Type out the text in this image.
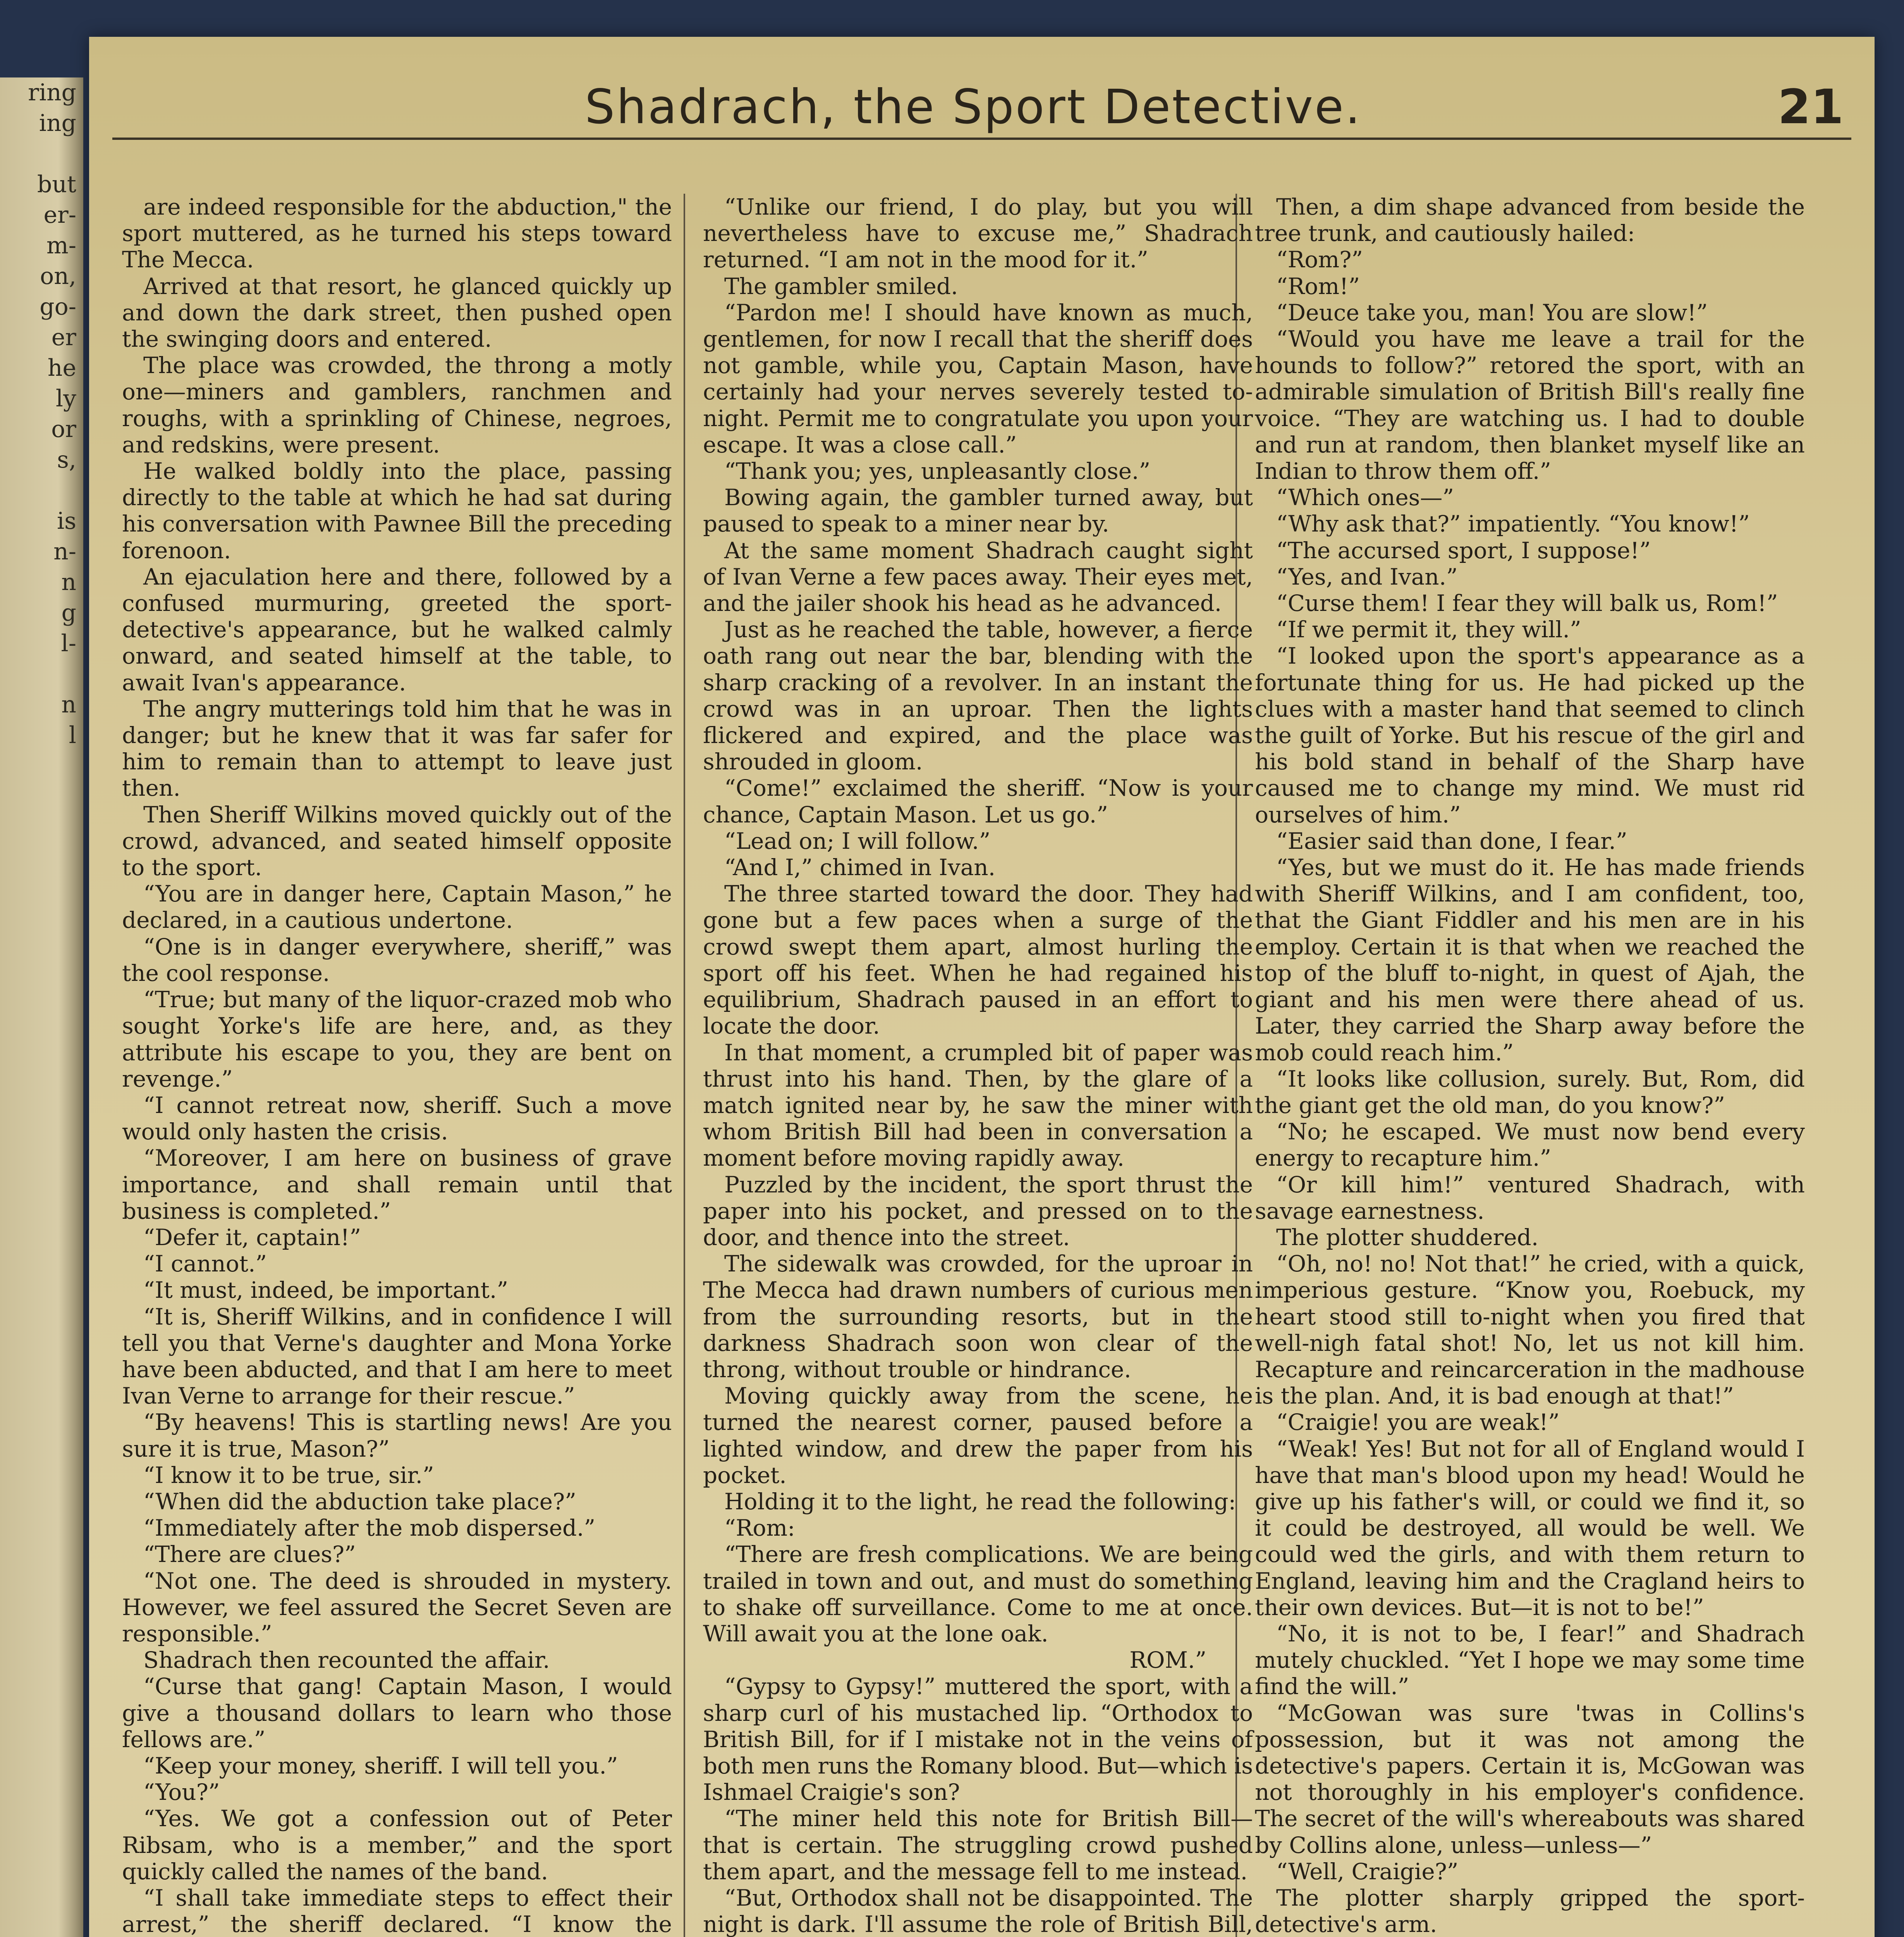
ring
ing

but
er-
m-
on,
go-
er
he
ly
or
s,

is
n-
n
g
l-

n
l
Shadrach, the Sport Detective.	21

are indeed responsible for the abduction," the sport muttered, as he turned his steps toward The Mecca.

Arrived at that resort, he glanced quickly up and down the dark street, then pushed open the swinging doors and entered.

The place was crowded, the throng a motly one—miners and gamblers, ranchmen and roughs, with a sprinkling of Chinese, negroes, and redskins, were present.

He walked boldly into the place, passing directly to the table at which he had sat during his conversation with Pawnee Bill the preceding forenoon.

An ejaculation here and there, followed by a confused murmuring, greeted the sport-detective's appearance, but he walked calmly onward, and seated himself at the table, to await Ivan's appearance.

The angry mutterings told him that he was in danger; but he knew that it was far safer for him to remain than to attempt to leave just then.

Then Sheriff Wilkins moved quickly out of the crowd, advanced, and seated himself opposite to the sport.

“You are in danger here, Captain Mason,” he declared, in a cautious undertone.

“One is in danger everywhere, sheriff,” was the cool response.

“True; but many of the liquor-crazed mob who sought Yorke's life are here, and, as they attribute his escape to you, they are bent on revenge.”

“I cannot retreat now, sheriff. Such a move would only hasten the crisis.

“Moreover, I am here on business of grave importance, and shall remain until that business is completed.”

“Defer it, captain!”

“I cannot.”

“It must, indeed, be important.”

“It is, Sheriff Wilkins, and in confidence I will tell you that Verne's daughter and Mona Yorke have been abducted, and that I am here to meet Ivan Verne to arrange for their rescue.”

“By heavens! This is startling news! Are you sure it is true, Mason?”

“I know it to be true, sir.”

“When did the abduction take place?”

“Immediately after the mob dispersed.”

“There are clues?”

“Not one. The deed is shrouded in mystery. However, we feel assured the Secret Seven are responsible.”

Shadrach then recounted the affair.

“Curse that gang! Captain Mason, I would give a thousand dollars to learn who those fellows are.”

“Keep your money, sheriff. I will tell you.”

“You?”

“Yes. We got a confession out of Peter Ribsam, who is a member,” and the sport quickly called the names of the band.

“I shall take immediate steps to effect their arrest,” the sheriff declared. “I know the

“Unlike our friend, I do play, but you will nevertheless have to excuse me,” Shadrach returned. “I am not in the mood for it.”

The gambler smiled.

“Pardon me! I should have known as much, gentlemen, for now I recall that the sheriff does not gamble, while you, Captain Mason, have certainly had your nerves severely tested to-night. Permit me to congratulate you upon your escape. It was a close call.”

“Thank you; yes, unpleasantly close.”

Bowing again, the gambler turned away, but paused to speak to a miner near by.

At the same moment Shadrach caught sight of Ivan Verne a few paces away. Their eyes met, and the jailer shook his head as he advanced.

Just as he reached the table, however, a fierce oath rang out near the bar, blending with the sharp cracking of a revolver. In an instant the crowd was in an uproar. Then the lights flickered and expired, and the place was shrouded in gloom.

“Come!” exclaimed the sheriff. “Now is your chance, Captain Mason. Let us go.”

“Lead on; I will follow.”

“And I,” chimed in Ivan.

The three started toward the door. They had gone but a few paces when a surge of the crowd swept them apart, almost hurling the sport off his feet. When he had regained his equilibrium, Shadrach paused in an effort to locate the door.

In that moment, a crumpled bit of paper was thrust into his hand. Then, by the glare of a match ignited near by, he saw the miner with whom British Bill had been in conversation a moment before moving rapidly away.

Puzzled by the incident, the sport thrust the paper into his pocket, and pressed on to the door, and thence into the street.

The sidewalk was crowded, for the uproar in The Mecca had drawn numbers of curious men from the surrounding resorts, but in the darkness Shadrach soon won clear of the throng, without trouble or hindrance.

Moving quickly away from the scene, he turned the nearest corner, paused before a lighted window, and drew the paper from his pocket.

Holding it to the light, he read the following:

“Rom:

“There are fresh complications. We are being trailed in town and out, and must do something to shake off surveillance. Come to me at once. Will await you at the lone oak.

ROM.”

“Gypsy to Gypsy!” muttered the sport, with a sharp curl of his mustached lip. “Orthodox to British Bill, for if I mistake not in the veins of both men runs the Romany blood. But—which is Ishmael Craigie's son?

“The miner held this note for British Bill—that is certain. The struggling crowd pushed them apart, and the message fell to me instead.

“But, Orthodox shall not be disappointed. The night is dark. I'll assume the role of British Bill,

Then, a dim shape advanced from beside the tree trunk, and cautiously hailed:

“Rom?”

“Rom!”

“Deuce take you, man! You are slow!”

“Would you have me leave a trail for the hounds to follow?” retored the sport, with an admirable simulation of British Bill's really fine voice. “They are watching us. I had to double and run at random, then blanket myself like an Indian to throw them off.”

“Which ones—”

“Why ask that?” impatiently. “You know!”

“The accursed sport, I suppose!”

“Yes, and Ivan.”

“Curse them! I fear they will balk us, Rom!”

“If we permit it, they will.”

“I looked upon the sport's appearance as a fortunate thing for us. He had picked up the clues with a master hand that seemed to clinch the guilt of Yorke. But his rescue of the girl and his bold stand in behalf of the Sharp have caused me to change my mind. We must rid ourselves of him.”

“Easier said than done, I fear.”

“Yes, but we must do it. He has made friends with Sheriff Wilkins, and I am confident, too, that the Giant Fiddler and his men are in his employ. Certain it is that when we reached the top of the bluff to-night, in quest of Ajah, the giant and his men were there ahead of us. Later, they carried the Sharp away before the mob could reach him.”

“It looks like collusion, surely. But, Rom, did the giant get the old man, do you know?”

“No; he escaped. We must now bend every energy to recapture him.”

“Or kill him!” ventured Shadrach, with savage earnestness.

The plotter shuddered.

“Oh, no! no! Not that!” he cried, with a quick, imperious gesture. “Know you, Roebuck, my heart stood still to-night when you fired that well-nigh fatal shot! No, let us not kill him. Recapture and reincarceration in the madhouse is the plan. And, it is bad enough at that!”

“Craigie! you are weak!”

“Weak! Yes! But not for all of England would I have that man's blood upon my head! Would he give up his father's will, or could we find it, so it could be destroyed, all would be well. We could wed the girls, and with them return to England, leaving him and the Cragland heirs to their own devices. But—it is not to be!”

“No, it is not to be, I fear!” and Shadrach mutely chuckled. “Yet I hope we may some time find the will.”

“McGowan was sure 'twas in Collins's possession, but it was not among the detective's papers. Certain it is, McGowan was not thoroughly in his employer's confidence. The secret of the will's whereabouts was shared by Collins alone, unless—unless—”

“Well, Craigie?”

The plotter sharply gripped the sport-detective's arm.
